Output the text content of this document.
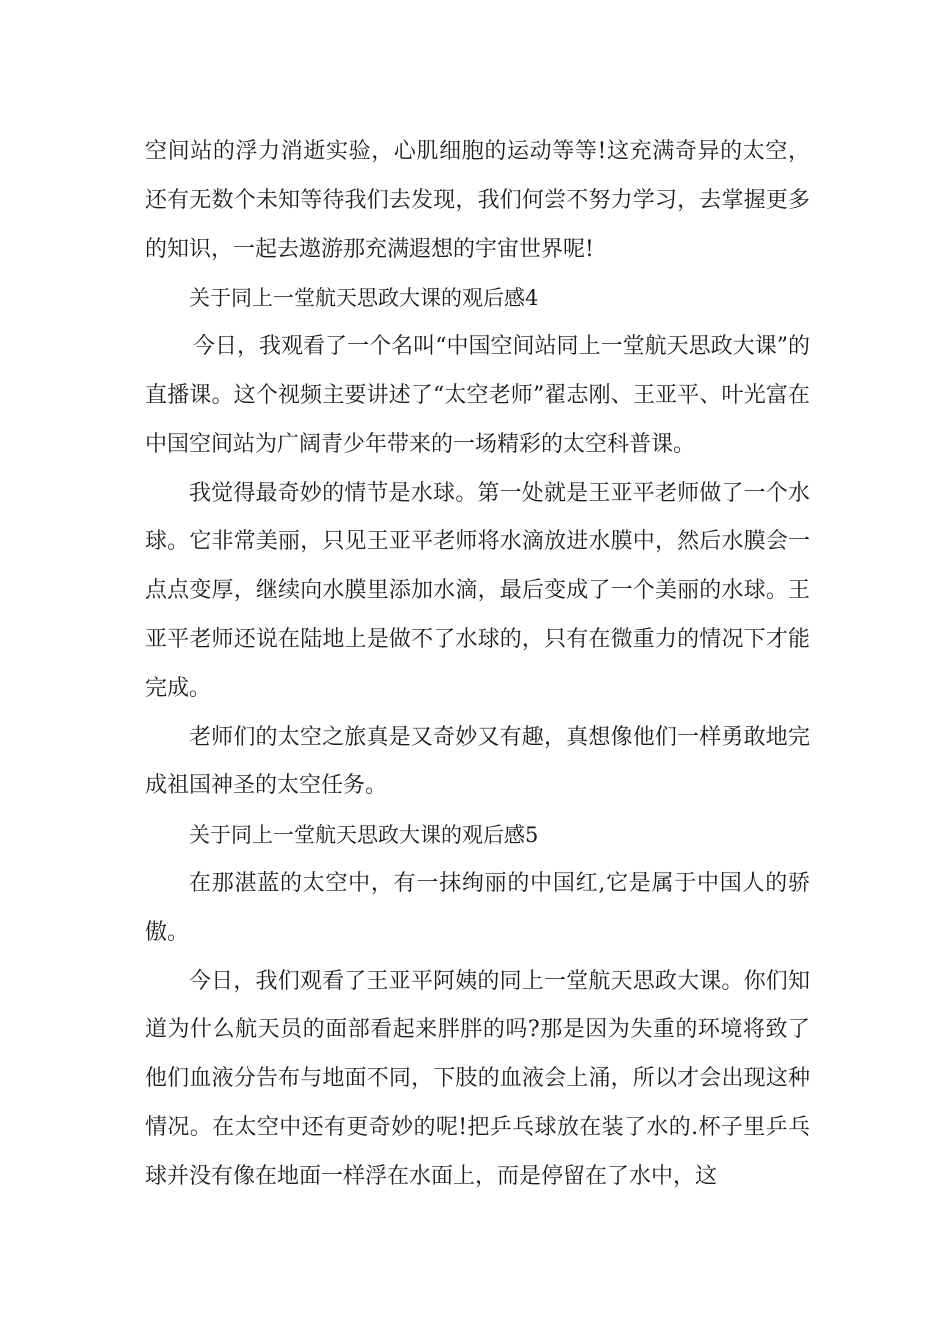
空间站的浮力消逝实验，心肌细胞的运动等等!这充满奇异的太空，还有无数个未知等待我们去发现，我们何尝不努力学习，去掌握更多的知识，一起去遨游那充满遐想的宇宙世界呢!

关于同上一堂航天思政大课的观后感4

今日，我观看了一个名叫“中国空间站同上一堂航天思政大课”的直播课。这个视频主要讲述了“太空老师”翟志刚、王亚平、叶光富在中国空间站为广阔青少年带来的一场精彩的太空科普课。

我觉得最奇妙的情节是水球。第一处就是王亚平老师做了一个水球。它非常美丽，只见王亚平老师将水滴放进水膜中，然后水膜会一点点变厚，继续向水膜里添加水滴，最后变成了一个美丽的水球。王亚平老师还说在陆地上是做不了水球的，只有在微重力的情况下才能完成。

老师们的太空之旅真是又奇妙又有趣，真想像他们一样勇敢地完成祖国神圣的太空任务。

关于同上一堂航天思政大课的观后感5

在那湛蓝的太空中，有一抹绚丽的中国红,它是属于中国人的骄傲。

今日，我们观看了王亚平阿姨的同上一堂航天思政大课。你们知道为什么航天员的面部看起来胖胖的吗?那是因为失重的环境将致了他们血液分告布与地面不同，下肢的血液会上涌，所以才会出现这种情况。在太空中还有更奇妙的呢!把乒乓球放在装了水的.杯子里乒乓球并没有像在地面一样浮在水面上，而是停留在了水中，这
